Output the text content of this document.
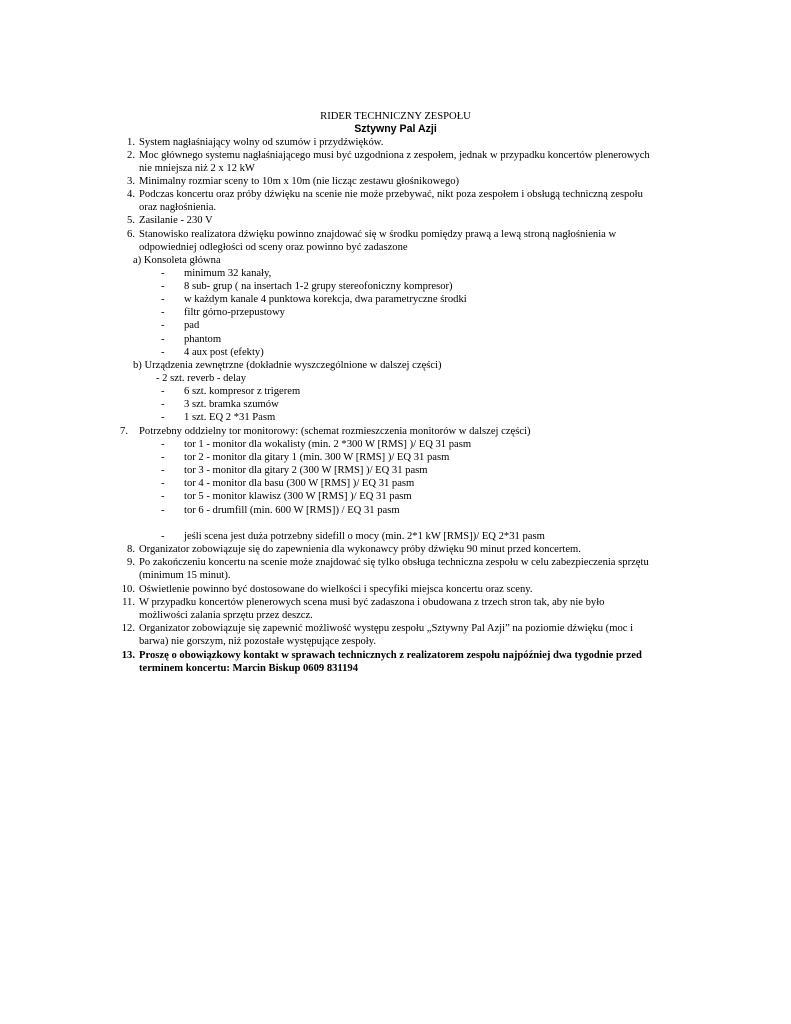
RIDER TECHNICZNY ZESPOŁU
Sztywny Pal Azji
1. System nagłaśniający wolny od szumów i przydźwięków.
2. Moc głównego systemu nagłaśniającego musi być uzgodniona z zespołem, jednak w przypadku koncertów plenerowych
nie mniejsza niż 2 x 12 kW
3. Minimalny rozmiar sceny to 10m x 10m (nie licząc zestawu głośnikowego)
4. Podczas koncertu oraz próby dźwięku na scenie nie może przebywać, nikt poza zespołem i obsługą techniczną zespołu
oraz nagłośnienia.
5. Zasilanie - 230 V
6. Stanowisko realizatora dźwięku powinno znajdować się w środku pomiędzy prawą a lewą stroną nagłośnienia w
odpowiedniej odległości od sceny oraz powinno być zadaszone
a) Konsoleta główna
- minimum 32 kanały,
- 8 sub- grup ( na insertach 1-2 grupy stereofoniczny kompresor)
- w każdym kanale 4 punktowa korekcja, dwa parametryczne środki
- filtr górno-przepustowy
- pad
- phantom
- 4 aux post (efekty)
b) Urządzenia zewnętrzne (dokładnie wyszczególnione w dalszej części)
- 2 szt. reverb - delay
- 6 szt. kompresor z trigerem
- 3 szt. bramka szumów
- 1 szt. EQ 2 *31 Pasm
7. Potrzebny oddzielny tor monitorowy: (schemat rozmieszczenia monitorów w dalszej części)
- tor 1 - monitor dla wokalisty (min. 2 *300 W [RMS] )/ EQ 31 pasm
- tor 2 - monitor dla gitary 1 (min. 300 W [RMS] )/ EQ 31 pasm
- tor 3 - monitor dla gitary 2 (300 W [RMS] )/ EQ 31 pasm
- tor 4 - monitor dla basu (300 W [RMS] )/ EQ 31 pasm
- tor 5 - monitor klawisz (300 W [RMS] )/ EQ 31 pasm
- tor 6 - drumfill (min. 600 W [RMS]) / EQ 31 pasm
- jeśli scena jest duża potrzebny sidefill o mocy (min. 2*1 kW [RMS])/ EQ 2*31 pasm
8. Organizator zobowiązuje się do zapewnienia dla wykonawcy próby dźwięku 90 minut przed koncertem.
9. Po zakończeniu koncertu na scenie może znajdować się tylko obsługa techniczna zespołu w celu zabezpieczenia sprzętu
(minimum 15 minut).
10. Oświetlenie powinno być dostosowane do wielkości i specyfiki miejsca koncertu oraz sceny.
11. W przypadku koncertów plenerowych scena musi być zadaszona i obudowana z trzech stron tak, aby nie było
możliwości zalania sprzętu przez deszcz.
12. Organizator zobowiązuje się zapewnić możliwość występu zespołu „Sztywny Pal Azji” na poziomie dźwięku (moc i
barwa) nie gorszym, niż pozostałe występujące zespoły.
13. Proszę o obowiązkowy kontakt w sprawach technicznych z realizatorem zespołu najpóźniej dwa tygodnie przed
terminem koncertu: Marcin Biskup 0609 831194
